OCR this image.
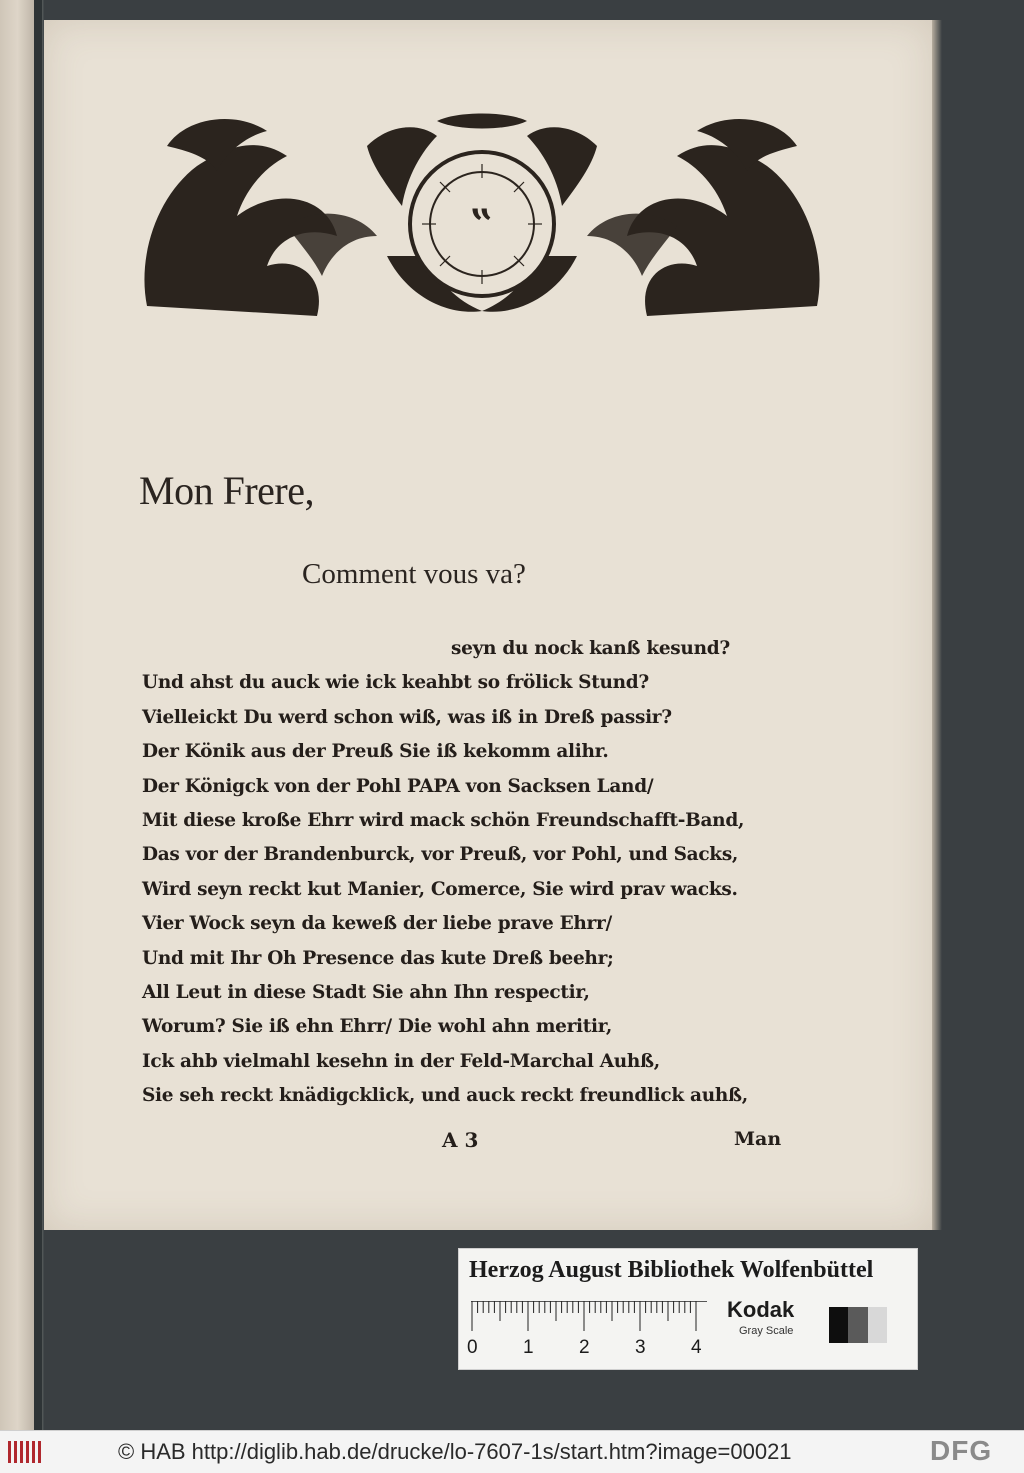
‟
Mon Frere,
Comment vous va?
seyn du nock kanß kesund?
Und ahst du auck wie ick keahbt so frölick Stund?
Vielleickt Du werd schon wiß, was iß in Dreß passir?
Der Könik aus der Preuß Sie iß kekomm alihr.
Der Königck von der Pohl PAPA von Sacksen Land/
Mit diese kroße Ehrr wird mack schön Freundschafft-Band,
Das vor der Brandenburck, vor Preuß, vor Pohl, und Sacks,
Wird seyn reckt kut Manier, Comerce, Sie wird prav wacks.
Vier Wock seyn da keweß der liebe prave Ehrr/
Und mit Ihr Oh Presence das kute Dreß beehr;
All Leut in diese Stadt Sie ahn Ihn respectir,
Worum? Sie iß ehn Ehrr/ Die wohl ahn meritir,
Ick ahb vielmahl kesehn in der Feld-Marchal Auhß,
Sie seh reckt knädigcklick, und auck reckt freundlick auhß,
A 3	Man
Herzog August Bibliothek Wolfenbüttel
0 1 2 3 4
Kodak
Gray Scale
© HAB http://diglib.hab.de/drucke/lo-7607-1s/start.htm?image=00021	DFG
